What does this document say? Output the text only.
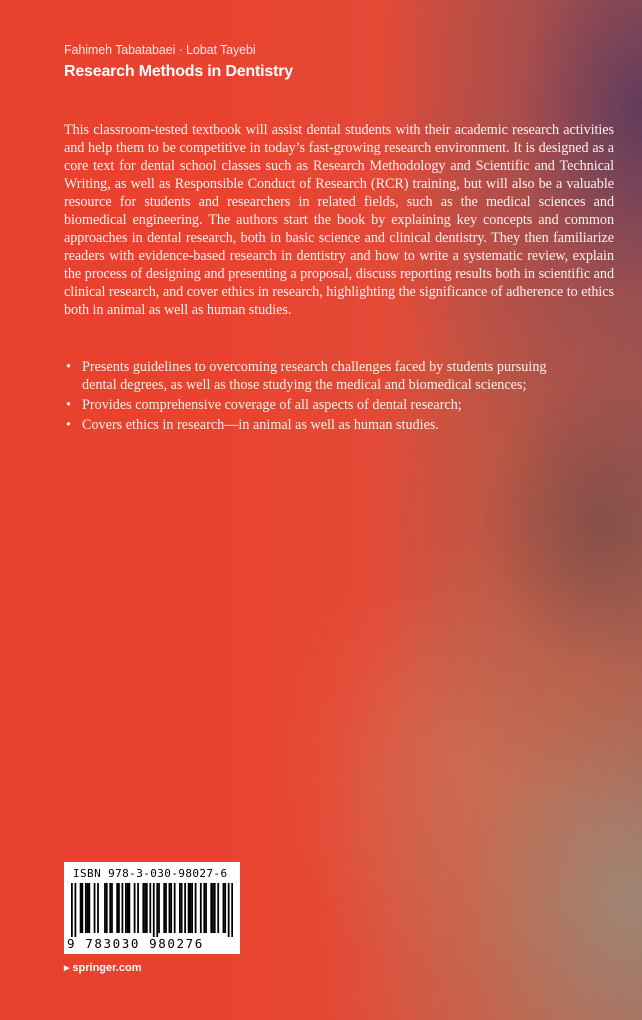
Fahimeh Tabatabaei · Lobat Tayebi
Research Methods in Dentistry

This classroom-tested textbook will assist dental students with their academic research activities and help them to be competitive in today’s fast-growing research environment. It is designed as a core text for dental school classes such as Research Methodology and Scientific and Technical Writing, as well as Responsible Conduct of Research (RCR) training, but will also be a valuable resource for students and researchers in related fields, such as the medical sciences and biomedical engineering. The authors start the book by explaining key concepts and common approaches in dental research, both in basic science and clinical dentistry. They then familiarize readers with evidence-based research in dentistry and how to write a systematic review, explain the process of designing and presenting a proposal, discuss reporting results both in scientific and clinical research, and cover ethics in research, highlighting the significance of adherence to ethics both in animal as well as human studies.

• Presents guidelines to overcoming research challenges faced by students pursuing dental degrees, as well as those studying the medical and biomedical sciences;
• Provides comprehensive coverage of all aspects of dental research;
• Covers ethics in research—in animal as well as human studies.
ISBN 978-3-030-98027-6
9 783030 980276
▶ springer.com
